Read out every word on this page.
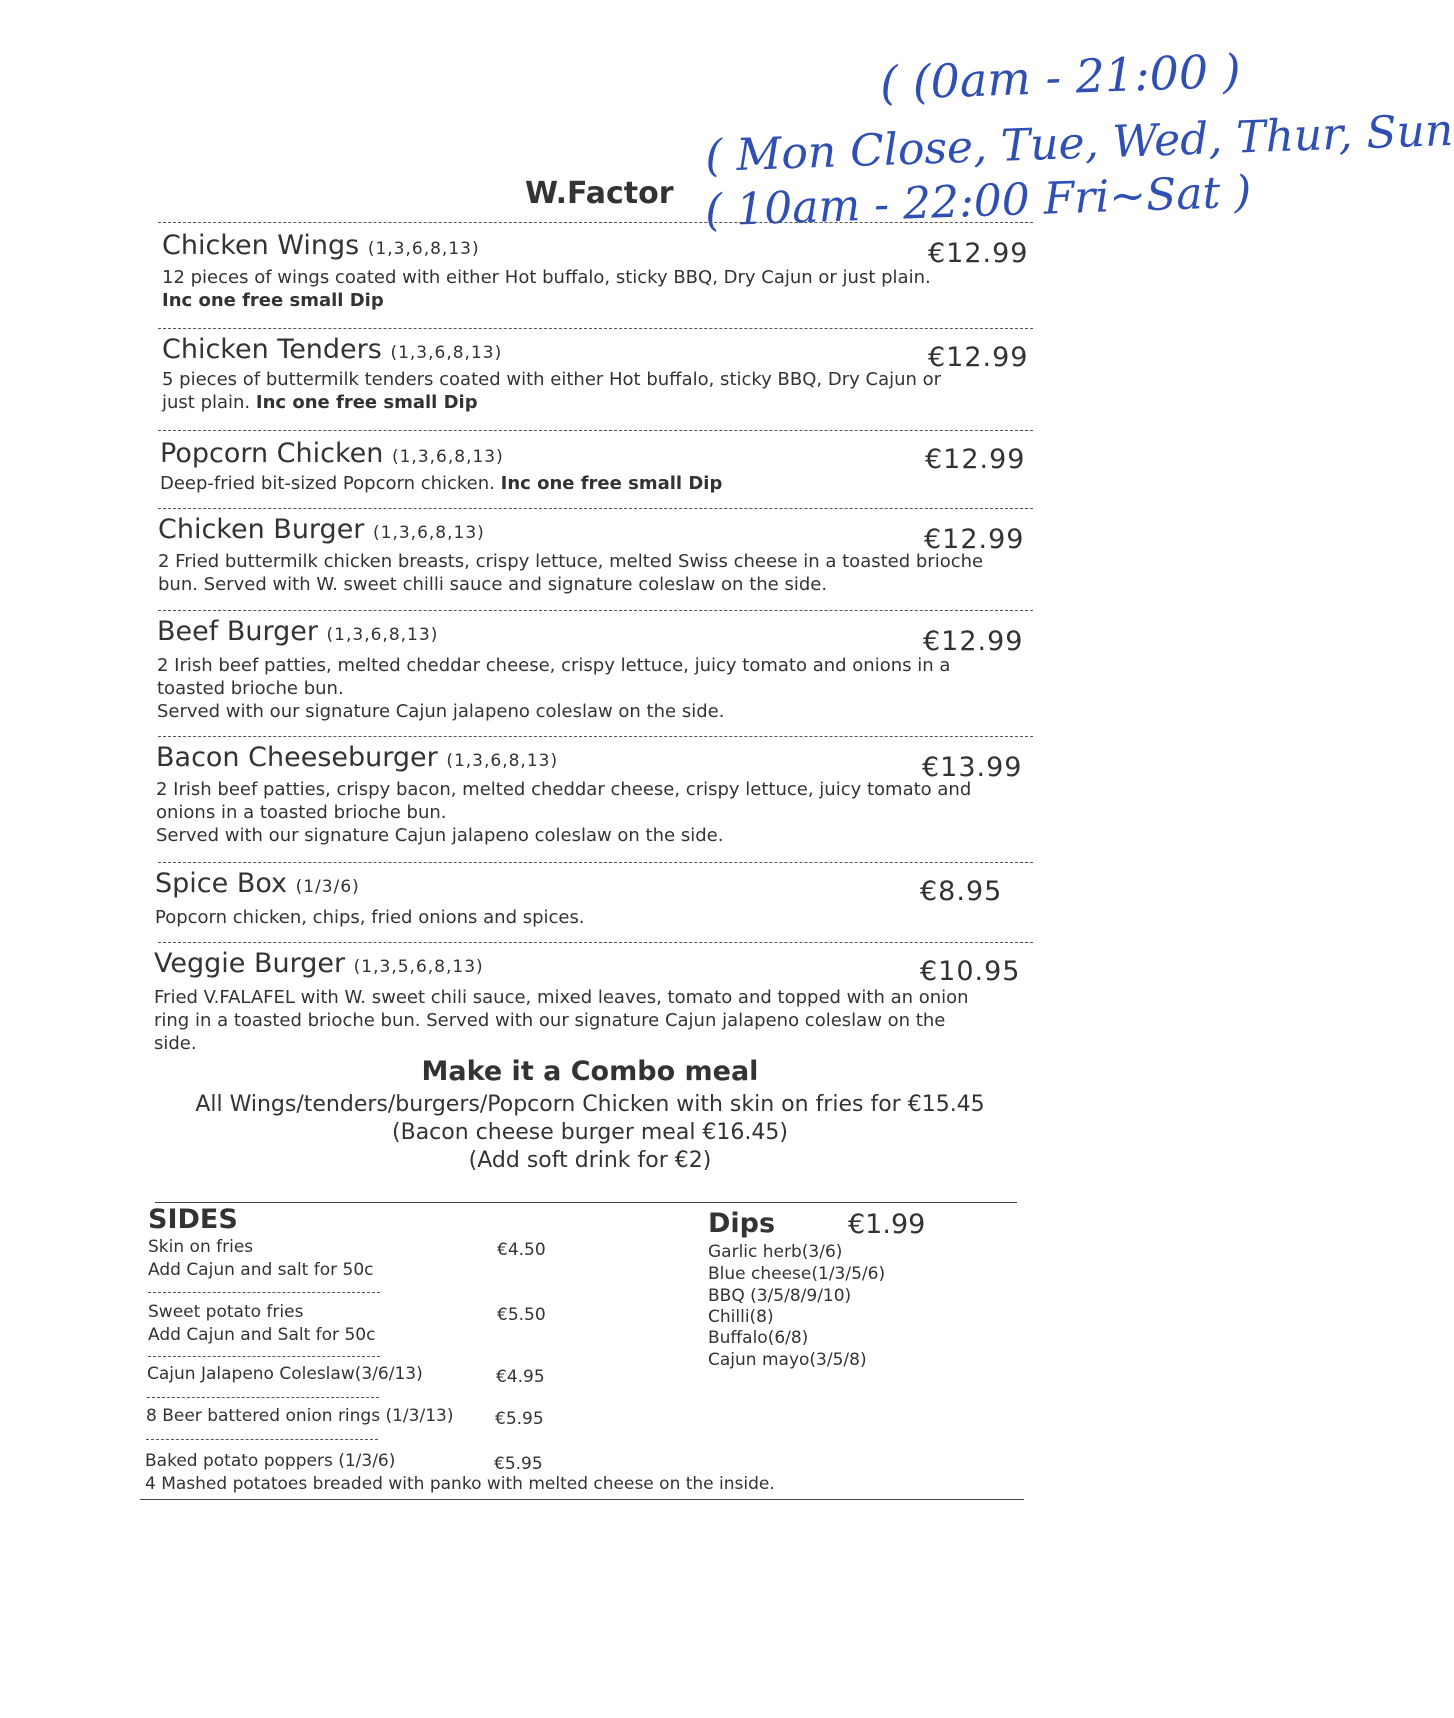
( (0am - 21:00 )
( Mon Close, Tue, Wed, Thur, Sun
( 10am - 22:00 Fri~Sat )
W.Factor
Chicken Wings (1,3,6,8,13)	€12.99
12 pieces of wings coated with either Hot buffalo, sticky BBQ, Dry Cajun or just plain.
Inc one free small Dip
Chicken Tenders (1,3,6,8,13)	€12.99
5 pieces of buttermilk tenders coated with either Hot buffalo, sticky BBQ, Dry Cajun or
just plain. Inc one free small Dip
Popcorn Chicken (1,3,6,8,13)	€12.99
Deep-fried bit-sized Popcorn chicken. Inc one free small Dip
Chicken Burger (1,3,6,8,13)	€12.99
2 Fried buttermilk chicken breasts, crispy lettuce, melted Swiss cheese in a toasted brioche
bun. Served with W. sweet chilli sauce and signature coleslaw on the side.
Beef Burger (1,3,6,8,13)	€12.99
2 Irish beef patties, melted cheddar cheese, crispy lettuce, juicy tomato and onions in a
toasted brioche bun.
Served with our signature Cajun jalapeno coleslaw on the side.
Bacon Cheeseburger (1,3,6,8,13)	€13.99
2 Irish beef patties, crispy bacon, melted cheddar cheese, crispy lettuce, juicy tomato and
onions in a toasted brioche bun.
Served with our signature Cajun jalapeno coleslaw on the side.
Spice Box (1/3/6)	€8.95
Popcorn chicken, chips, fried onions and spices.
Veggie Burger (1,3,5,6,8,13)	€10.95
Fried V.FALAFEL with W. sweet chili sauce, mixed leaves, tomato and topped with an onion
ring in a toasted brioche bun. Served with our signature Cajun jalapeno coleslaw on the
side.
Make it a Combo meal
All Wings/tenders/burgers/Popcorn Chicken with skin on fries for €15.45
(Bacon cheese burger meal €16.45)
(Add soft drink for €2)
SIDES
Skin on fries	€4.50
Add Cajun and salt for 50c
Sweet potato fries	€5.50
Add Cajun and Salt for 50c
Cajun Jalapeno Coleslaw(3/6/13)	€4.95
8 Beer battered onion rings (1/3/13) €5.95
Baked potato poppers (1/3/6)	€5.95
4 Mashed potatoes breaded with panko with melted cheese on the inside.
Dips	€1.99
Garlic herb(3/6)
Blue cheese(1/3/5/6)
BBQ (3/5/8/9/10)
Chilli(8)
Buffalo(6/8)
Cajun mayo(3/5/8)
